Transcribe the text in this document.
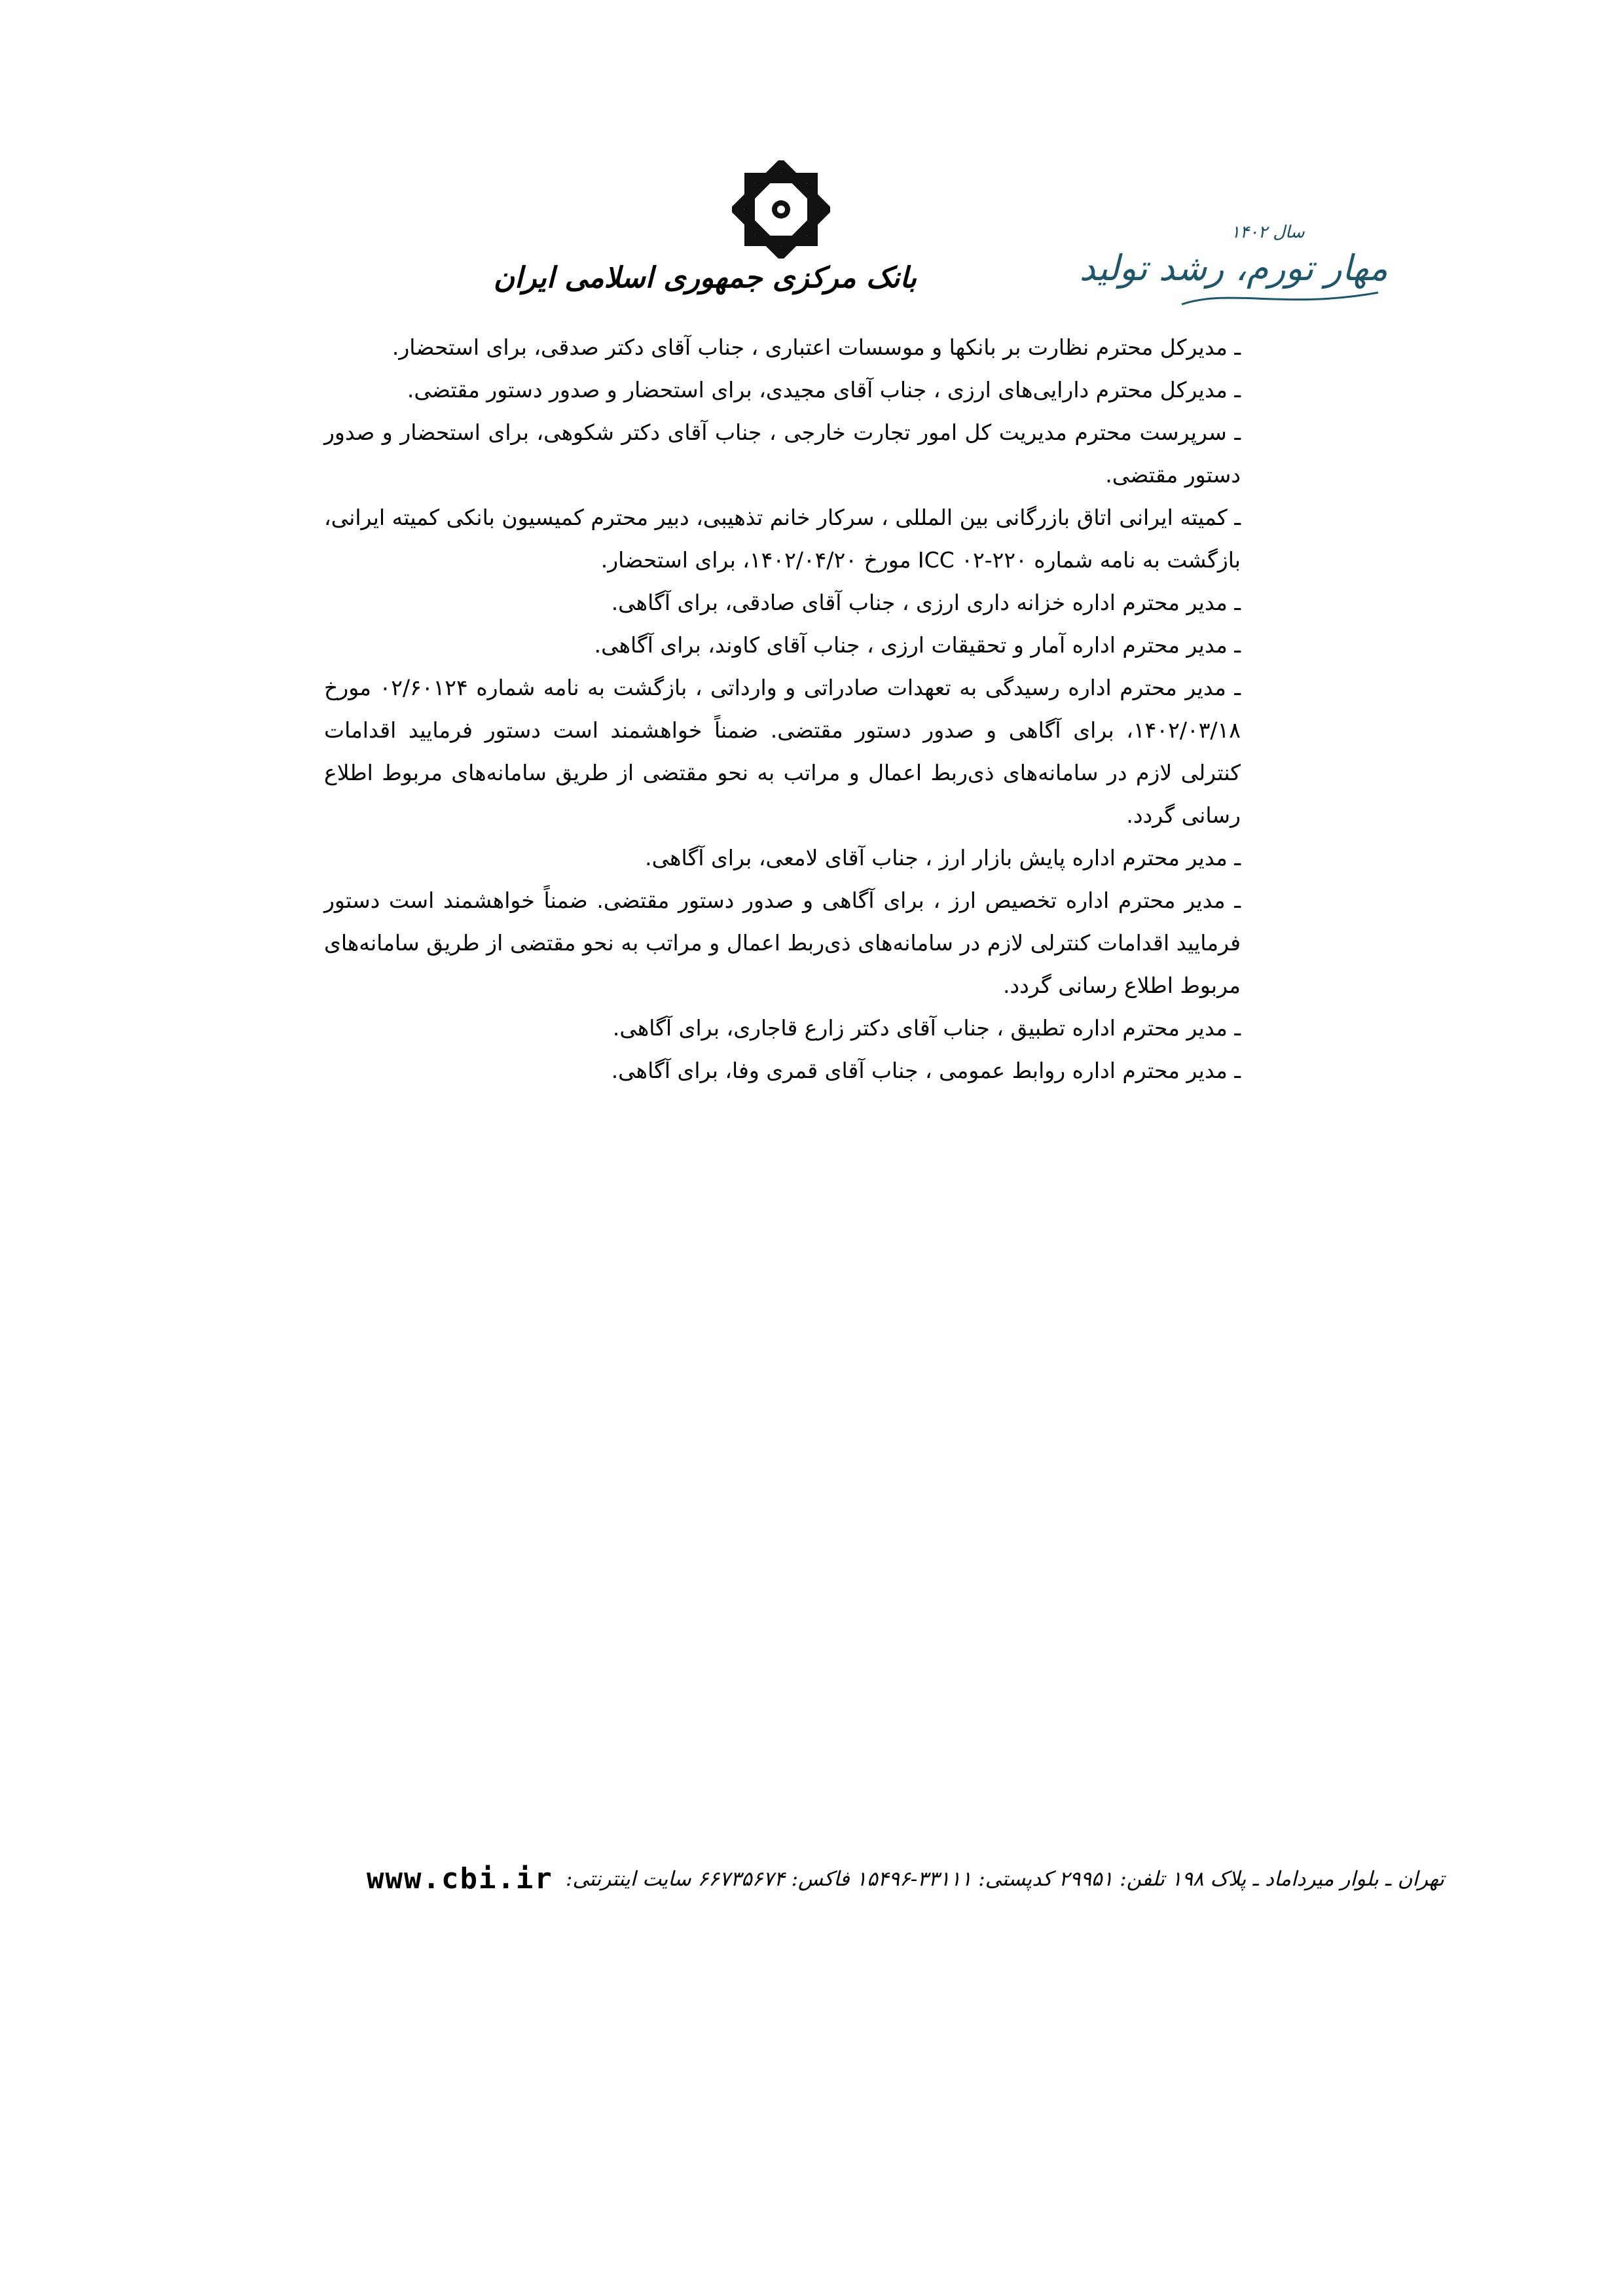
بانک مرکزی جمهوری اسلامی ایران
سال ۱۴۰۲
مهار تورم، رشد تولید

ـ مدیرکل محترم نظارت بر بانکها و موسسات اعتباری ، جناب آقای دکتر صدقی، برای استحضار.

ـ مدیرکل محترم دارایی‌های ارزی ، جناب آقای مجیدی، برای استحضار و صدور دستور مقتضی.

ـ سرپرست محترم مدیریت کل امور تجارت خارجی ، جناب آقای دکتر شکوهی، برای استحضار و صدور دستور مقتضی.

ـ کمیته ایرانی اتاق بازرگانی بین المللی ، سرکار خانم تذهیبی، دبیر محترم کمیسیون بانکی کمیته ایرانی، بازگشت به نامه شماره ۲۲۰-۰۲ ICC مورخ ۱۴۰۲/۰۴/۲۰، برای استحضار.

ـ مدیر محترم اداره خزانه داری ارزی ، جناب آقای صادقی، برای آگاهی.

ـ مدیر محترم اداره آمار و تحقیقات ارزی ، جناب آقای کاوند، برای آگاهی.

ـ مدیر محترم اداره رسیدگی به تعهدات صادراتی و وارداتی ، بازگشت به نامه شماره ۰۲/۶۰۱۲۴ مورخ ۱۴۰۲/۰۳/۱۸، برای آگاهی و صدور دستور مقتضی. ضمناً خواهشمند است دستور فرمایید اقدامات کنترلی لازم در سامانه‌های ذی‌ربط اعمال و مراتب به نحو مقتضی از طریق سامانه‌های مربوط اطلاع رسانی گردد.

ـ مدیر محترم اداره پایش بازار ارز ، جناب آقای لامعی، برای آگاهی.

ـ مدیر محترم اداره تخصیص ارز ، برای آگاهی و صدور دستور مقتضی. ضمناً خواهشمند است دستور فرمایید اقدامات کنترلی لازم در سامانه‌های ذی‌ربط اعمال و مراتب به نحو مقتضی از طریق سامانه‌های مربوط اطلاع رسانی گردد.

ـ مدیر محترم اداره تطبیق ، جناب آقای دکتر زارع قاجاری، برای آگاهی.

ـ مدیر محترم اداره روابط عمومی ، جناب آقای قمری وفا، برای آگاهی.

www.cbi.ir تهران ـ بلوار میرداماد ـ پلاک ۱۹۸ تلفن: ۲۹۹۵۱ کدپستی: ۳۳۱۱۱-۱۵۴۹۶ فاکس: ۶۶۷۳۵۶۷۴ سایت اینترنتی:
